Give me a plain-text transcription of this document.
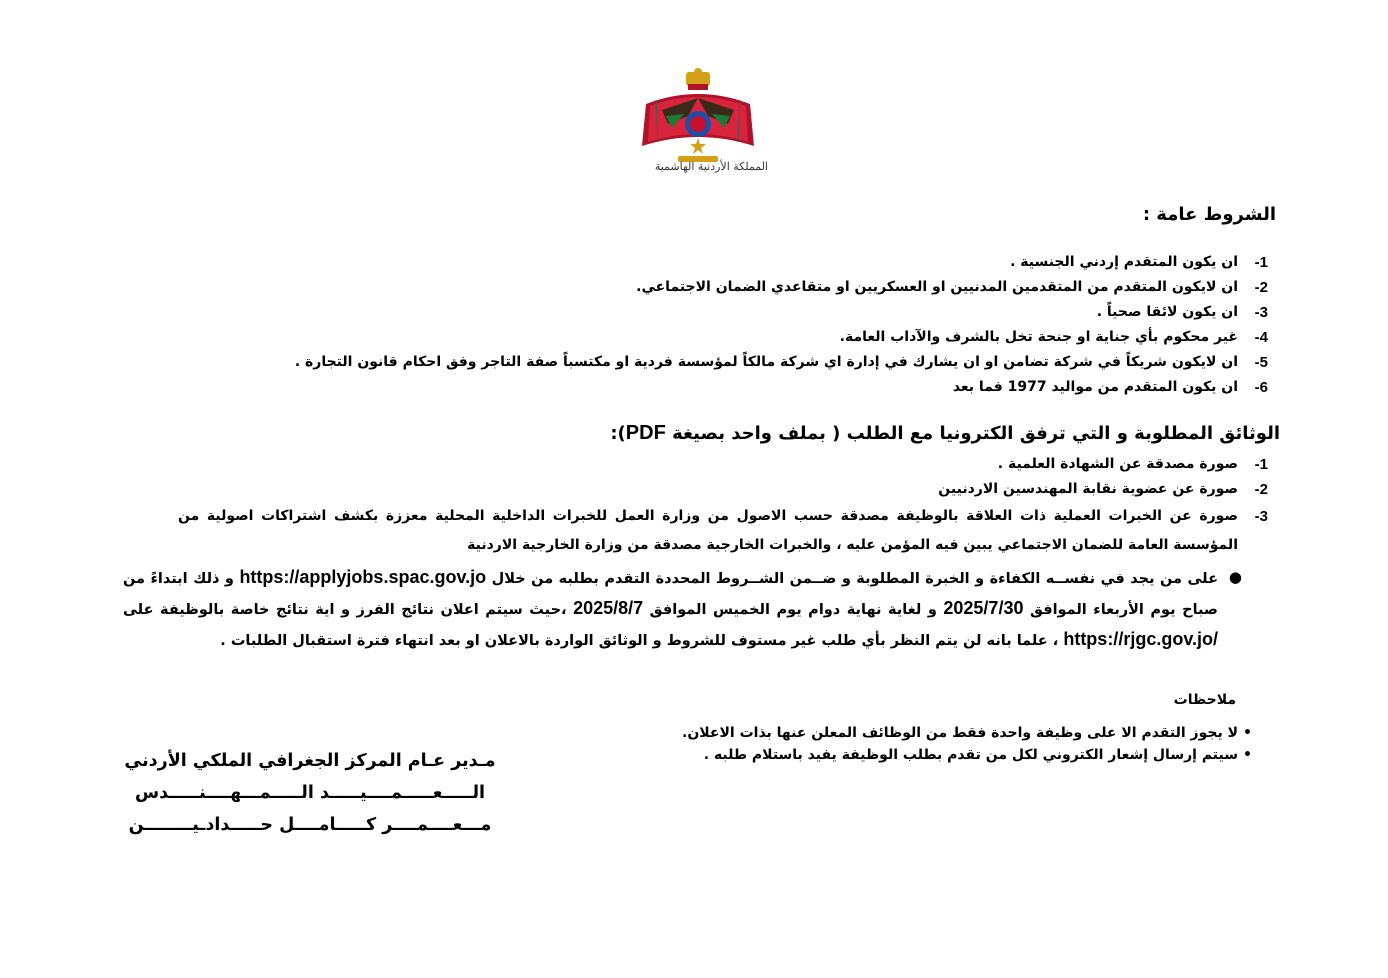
المملكة الأردنية الهاشمية
الشروط عامة :
1-
ان يكون المتقدم إردني الجنسية .
2-
ان لايكون المتقدم من المتقدمين المدنيين او العسكريين او متقاعدي الضمان الاجتماعي.
3-
ان يكون لائقا صحياً .
4-
غير محكوم بأي جناية او جنحة تخل بالشرف والآداب العامة.
5-
ان لايكون شريكاً في شركة تضامن او ان يشارك في إدارة اي شركة مالكاً لمؤسسة فردية او مكتسباً صفة التاجر وفق احكام قانون التجارة .
6-
ان يكون المتقدم من مواليد 1977 فما بعد
الوثائق المطلوبة و التي ترفق الكترونيا مع الطلب ( بملف واحد بصيغة PDF):
1-
صورة مصدقة عن الشهادة العلمية .
2-
صورة عن عضوية نقابة المهندسين الاردنيين
3-
صورة عن الخبرات العملية ذات العلاقة بالوظيفة مصدقة حسب الاصول من وزارة العمل للخبرات الداخلية المحلية معززة بكشف اشتراكات اصولية من المؤسسة العامة للضمان الاجتماعي يبين فيه المؤمن عليه ، والخبرات الخارجية مصدقة من وزارة الخارجية الاردنية
●
على من يجد في نفســه الكفاءة و الخبرة المطلوبة و ضــمن الشــروط المحددة التقدم بطلبه من خلال https://applyjobs.spac.gov.jo و ذلك ابتداءً من صباح يوم الأربعاء الموافق 2025/7/30 و لغاية نهاية دوام يوم الخميس الموافق 2025/8/7 ،حيث سيتم اعلان نتائج الفرز و اية نتائج خاصة بالوظيفة على https://rjgc.gov.jo/ ، علما بانه لن يتم النظر بأي طلب غير مستوف للشروط و الوثائق الواردة بالاعلان او بعد انتهاء فترة استقبال الطلبات .
ملاحظات
•
لا يجوز التقدم الا على وظيفة واحدة فقط من الوظائف المعلن عنها بذات الاعلان.
•
سيتم إرسال إشعار الكتروني لكل من تقدم بطلب الوظيفة يفيد باستلام طلبه .
مـدير عـام المركز الجغرافي الملكي الأردني
الـــــعـــــمــــيـــــد الـــــمـــهــــنـــــدس
مـــعــــمــــر كـــــامــــل حـــــدادـيــــــــن
